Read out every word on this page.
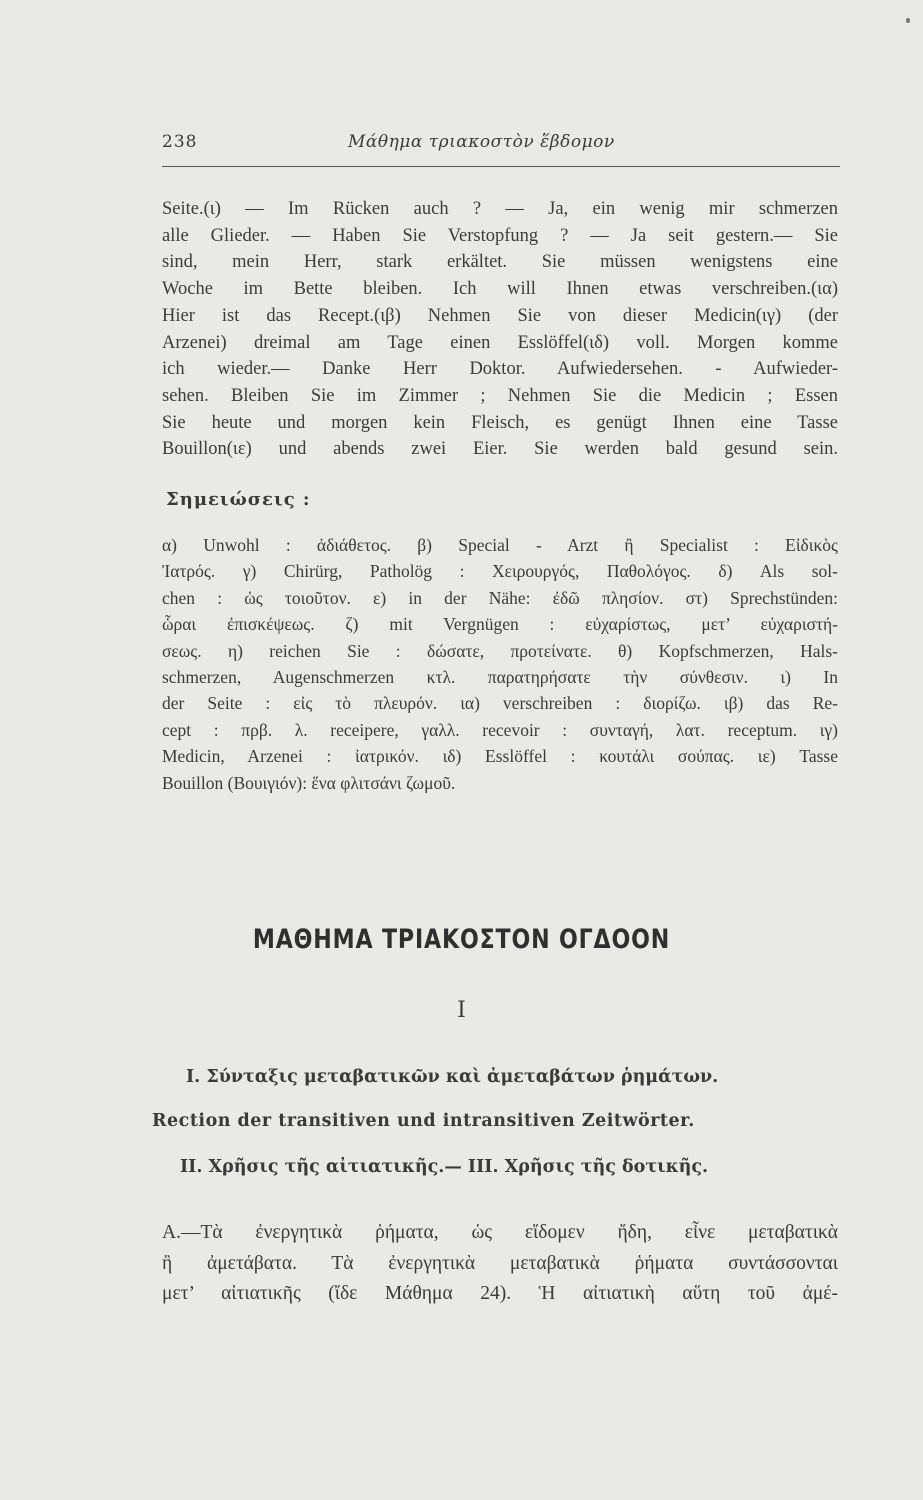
238	Μάθημα τριακοστὸν ἕβδομον
Seite.(ι) — Im Rücken auch ? — Ja, ein wenig mir schmerzen
alle Glieder. — Haben Sie Verstopfung ? — Ja seit gestern.— Sie
sind, mein Herr, stark erkältet. Sie müssen wenigstens eine
Woche im Bette bleiben. Ich will Ihnen etwas verschreiben.(ια)
Hier ist das Recept.(ιβ) Nehmen Sie von dieser Medicin(ιγ) (der
Arzenei) dreimal am Tage einen Esslöffel(ιδ) voll. Morgen komme
ich wieder.— Danke Herr Doktor. Aufwiedersehen. - Aufwieder-
sehen. Bleiben Sie im Zimmer ; Nehmen Sie die Medicin ; Essen
Sie heute und morgen kein Fleisch, es genügt Ihnen eine Tasse
Bouillon(ιε) und abends zwei Eier. Sie werden bald gesund sein.
Σημειώσεις :
α) Unwohl : ἀδιάθετος. β) Special - Arzt ἢ Specialist : Εἰδικὸς
Ἰατρός. γ) Chirürg, Patholög : Χειρουργός, Παθολόγος. δ) Als sol-
chen : ὡς τοιοῦτον. ε) in der Nähe: ἐδῶ πλησίον. στ) Sprechstünden:
ὧραι ἐπισκέψεως. ζ) mit Vergnügen : εὐχαρίστως, μετ’ εὐχαριστή-
σεως. η) reichen Sie : δώσατε, προτείνατε. θ) Kopfschmerzen, Hals-
schmerzen, Augenschmerzen κτλ. παρατηρήσατε τὴν σύνθεσιν. ι) In
der Seite : εἰς τὸ πλευρόν. ια) verschreiben : διορίζω. ιβ) das Re-
cept : πρβ. λ. receipere, γαλλ. recevoir : συνταγή, λατ. receptum. ιγ)
Medicin, Arzenei : ἰατρικόν. ιδ) Esslöffel : κουτάλι σούπας. ιε) Tasse
Bouillon (Βουιγιόν): ἕνα φλιτσάνι ζωμοῦ.
ΜΑΘΗΜΑ ΤΡΙΑΚΟΣΤΟΝ ΟΓΔΟΟΝ
I
I. Σύνταξις μεταβατικῶν καὶ ἀμεταβάτων ῥημάτων.
Rection der transitiven und intransitiven Zeitwörter.
II. Χρῆσις τῆς αἰτιατικῆς.— III. Χρῆσις τῆς δοτικῆς.
Α.—Τὰ ἐνεργητικὰ ῥήματα, ὡς εἴδομεν ἤδη, εἶνε μεταβατικὰ
ἢ ἀμετάβατα. Τὰ ἐνεργητικὰ μεταβατικὰ ῥήματα συντάσσονται
μετ’ αἰτιατικῆς (ἴδε Μάθημα 24). Ἡ αἰτιατικὴ αὕτη τοῦ ἀμέ-
